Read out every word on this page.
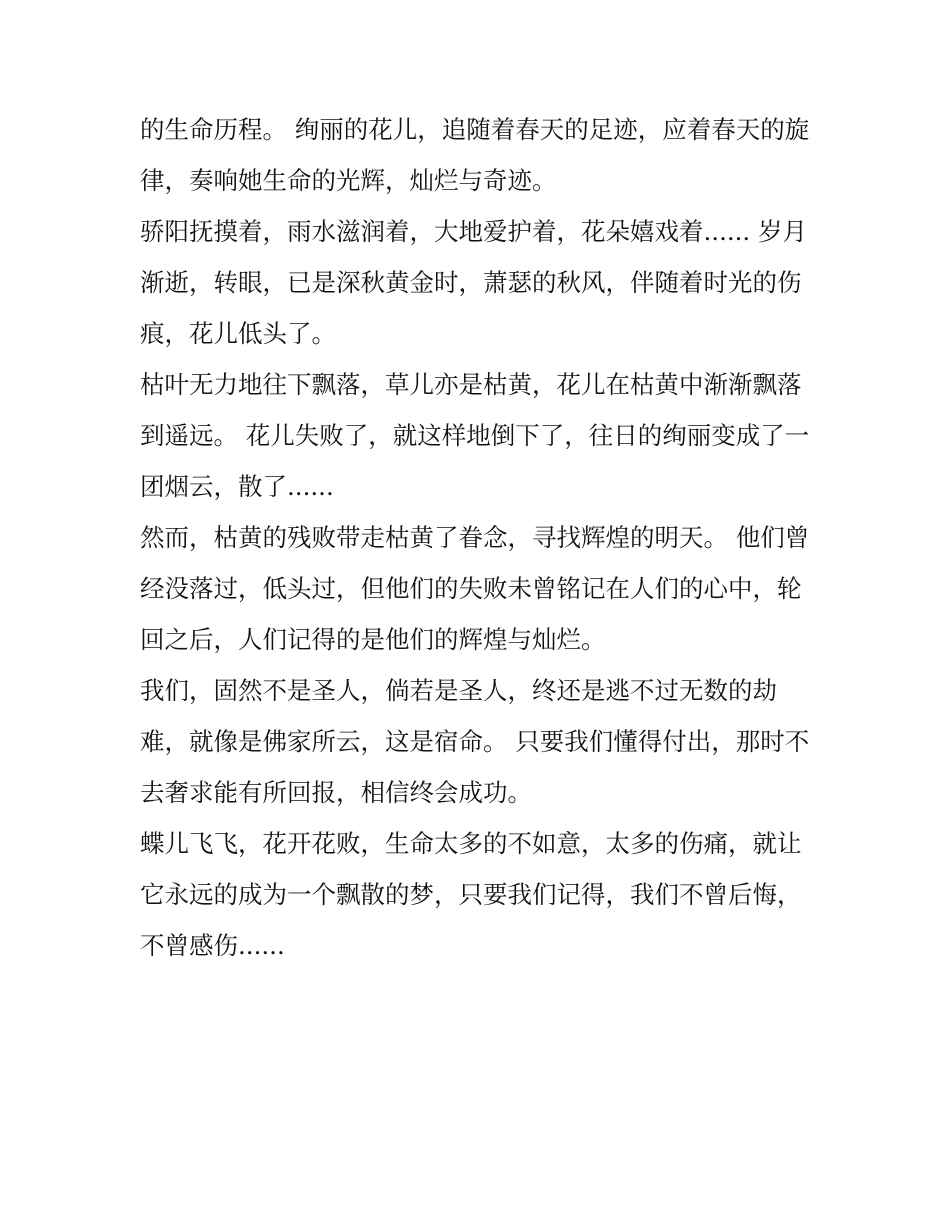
的生命历程。 绚丽的花儿，追随着春天的足迹，应着春天的旋律，奏响她生命的光辉，灿烂与奇迹。

骄阳抚摸着，雨水滋润着，大地爱护着，花朵嬉戏着...... 岁月渐逝，转眼，已是深秋黄金时，萧瑟的秋风，伴随着时光的伤痕，花儿低头了。

枯叶无力地往下飘落，草儿亦是枯黄，花儿在枯黄中渐渐飘落到遥远。 花儿失败了，就这样地倒下了，往日的绚丽变成了一团烟云，散了......

然而，枯黄的残败带走枯黄了眷念，寻找辉煌的明天。 他们曾经没落过，低头过，但他们的失败未曾铭记在人们的心中，轮回之后，人们记得的是他们的辉煌与灿烂。

我们，固然不是圣人，倘若是圣人，终还是逃不过无数的劫难，就像是佛家所云，这是宿命。 只要我们懂得付出，那时不去奢求能有所回报，相信终会成功。

蝶儿飞飞，花开花败，生命太多的不如意，太多的伤痛，就让它永远的成为一个飘散的梦，只要我们记得，我们不曾后悔，不曾感伤......
